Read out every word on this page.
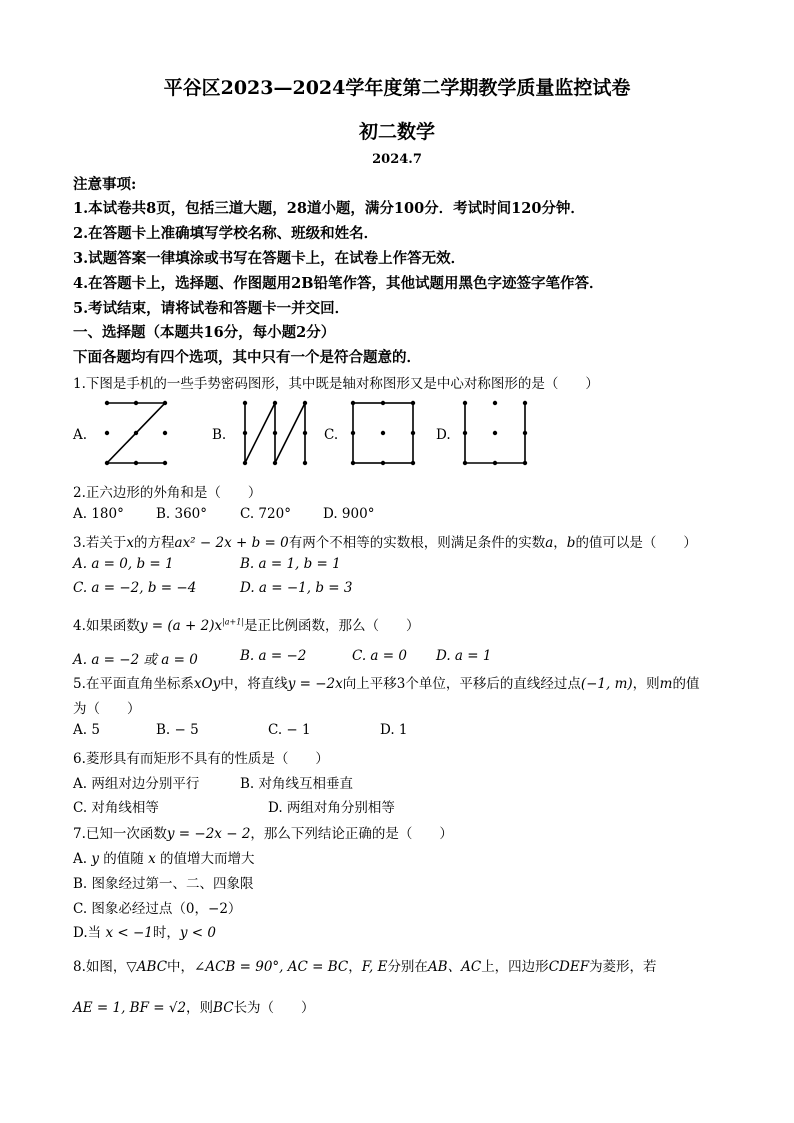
平谷区2023—2024学年度第二学期教学质量监控试卷
初二数学
2024.7
注意事项:
1.本试卷共8页，包括三道大题，28道小题，满分100分．考试时间120分钟．
2.在答题卡上准确填写学校名称、班级和姓名．
3.试题答案一律填涂或书写在答题卡上，在试卷上作答无效．
4.在答题卡上，选择题、作图题用2B铅笔作答，其他试题用黑色字迹签字笔作答．
5.考试结束，请将试卷和答题卡一并交回．
一、选择题（本题共16分，每小题2分）
下面各题均有四个选项，其中只有一个是符合题意的．
1.下图是手机的一些手势密码图形，其中既是轴对称图形又是中心对称图形的是（　　）
A.	B.	C.	D.
2.正六边形的外角和是（　　）
A. 180° B. 360° C. 720° D. 900°
3.若关于x的方程ax² − 2x + b = 0有两个不相等的实数根，则满足条件的实数a，b的值可以是（　　）
A. a = 0, b = 1	B. a = 1, b = 1
C. a = −2, b = −4	D. a = −1, b = 3
4.如果函数$y = (a + 2)x^{|a+1|}$是正比例函数，那么（　　）
A. a = −2 或 a = 0	B. a = −2	C. a = 0 D. a = 1
5.在平面直角坐标系xOy中，将直线y = −2x向上平移3个单位，平移后的直线经过点(−1, m)，则m的值
为（　　）
A. 5	B. − 5	C. − 1	D. 1
6.菱形具有而矩形不具有的性质是（　　）
A. 两组对边分别平行	B. 对角线互相垂直
C. 对角线相等	D. 两组对角分别相等
7.已知一次函数y = −2x − 2，那么下列结论正确的是（　　）
A. y 的值随 x 的值增大而增大
B. 图象经过第一、二、四象限
C. 图象必经过点（0，−2）
D.当 x < −1时，y < 0
8.如图，▽ABC中，∠ACB = 90°, AC = BC，F, E分别在AB、AC上，四边形CDEF为菱形，若
AE = 1, BF = √2，则BC长为（　　）
